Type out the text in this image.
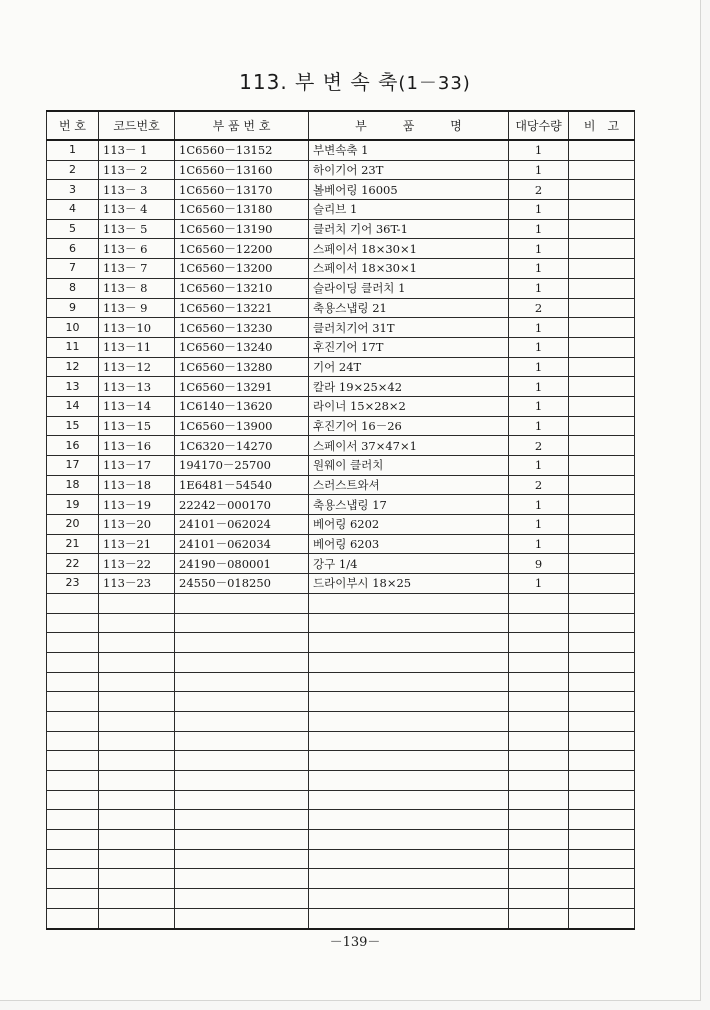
113. 부 변 속 축(1－33)
번 호	코드번호	부 품 번 호	부　　　품　　　명	대당수량	비　고
1	113－ 1	1C6560－13152	부변속축 1	1	
2	113－ 2	1C6560－13160	하이기어 23T	1	
3	113－ 3	1C6560－13170	볼베어링 16005	2	
4	113－ 4	1C6560－13180	슬리브 1	1	
5	113－ 5	1C6560－13190	클러치 기어 36T-1	1	
6	113－ 6	1C6560－12200	스페이서 18×30×1	1	
7	113－ 7	1C6560－13200	스페이서 18×30×1	1	
8	113－ 8	1C6560－13210	슬라이딩 클러치 1	1	
9	113－ 9	1C6560－13221	축용스냅링 21	2	
10	113－10	1C6560－13230	클러치기어 31T	1	
11	113－11	1C6560－13240	후진기어 17T	1	
12	113－12	1C6560－13280	기어 24T	1	
13	113－13	1C6560－13291	칼라 19×25×42	1	
14	113－14	1C6140－13620	라이너 15×28×2	1	
15	113－15	1C6560－13900	후진기어 16－26	1	
16	113－16	1C6320－14270	스페이서 37×47×1	2	
17	113－17	194170－25700	원웨이 클러치	1	
18	113－18	1E6481－54540	스러스트와셔	2	
19	113－19	22242－000170	축용스냅링 17	1	
20	113－20	24101－062024	베어링 6202	1	
21	113－21	24101－062034	베어링 6203	1	
22	113－22	24190－080001	강구 1/4	9	
23	113－23	24550－018250	드라이부시 18×25	1	

－139－
